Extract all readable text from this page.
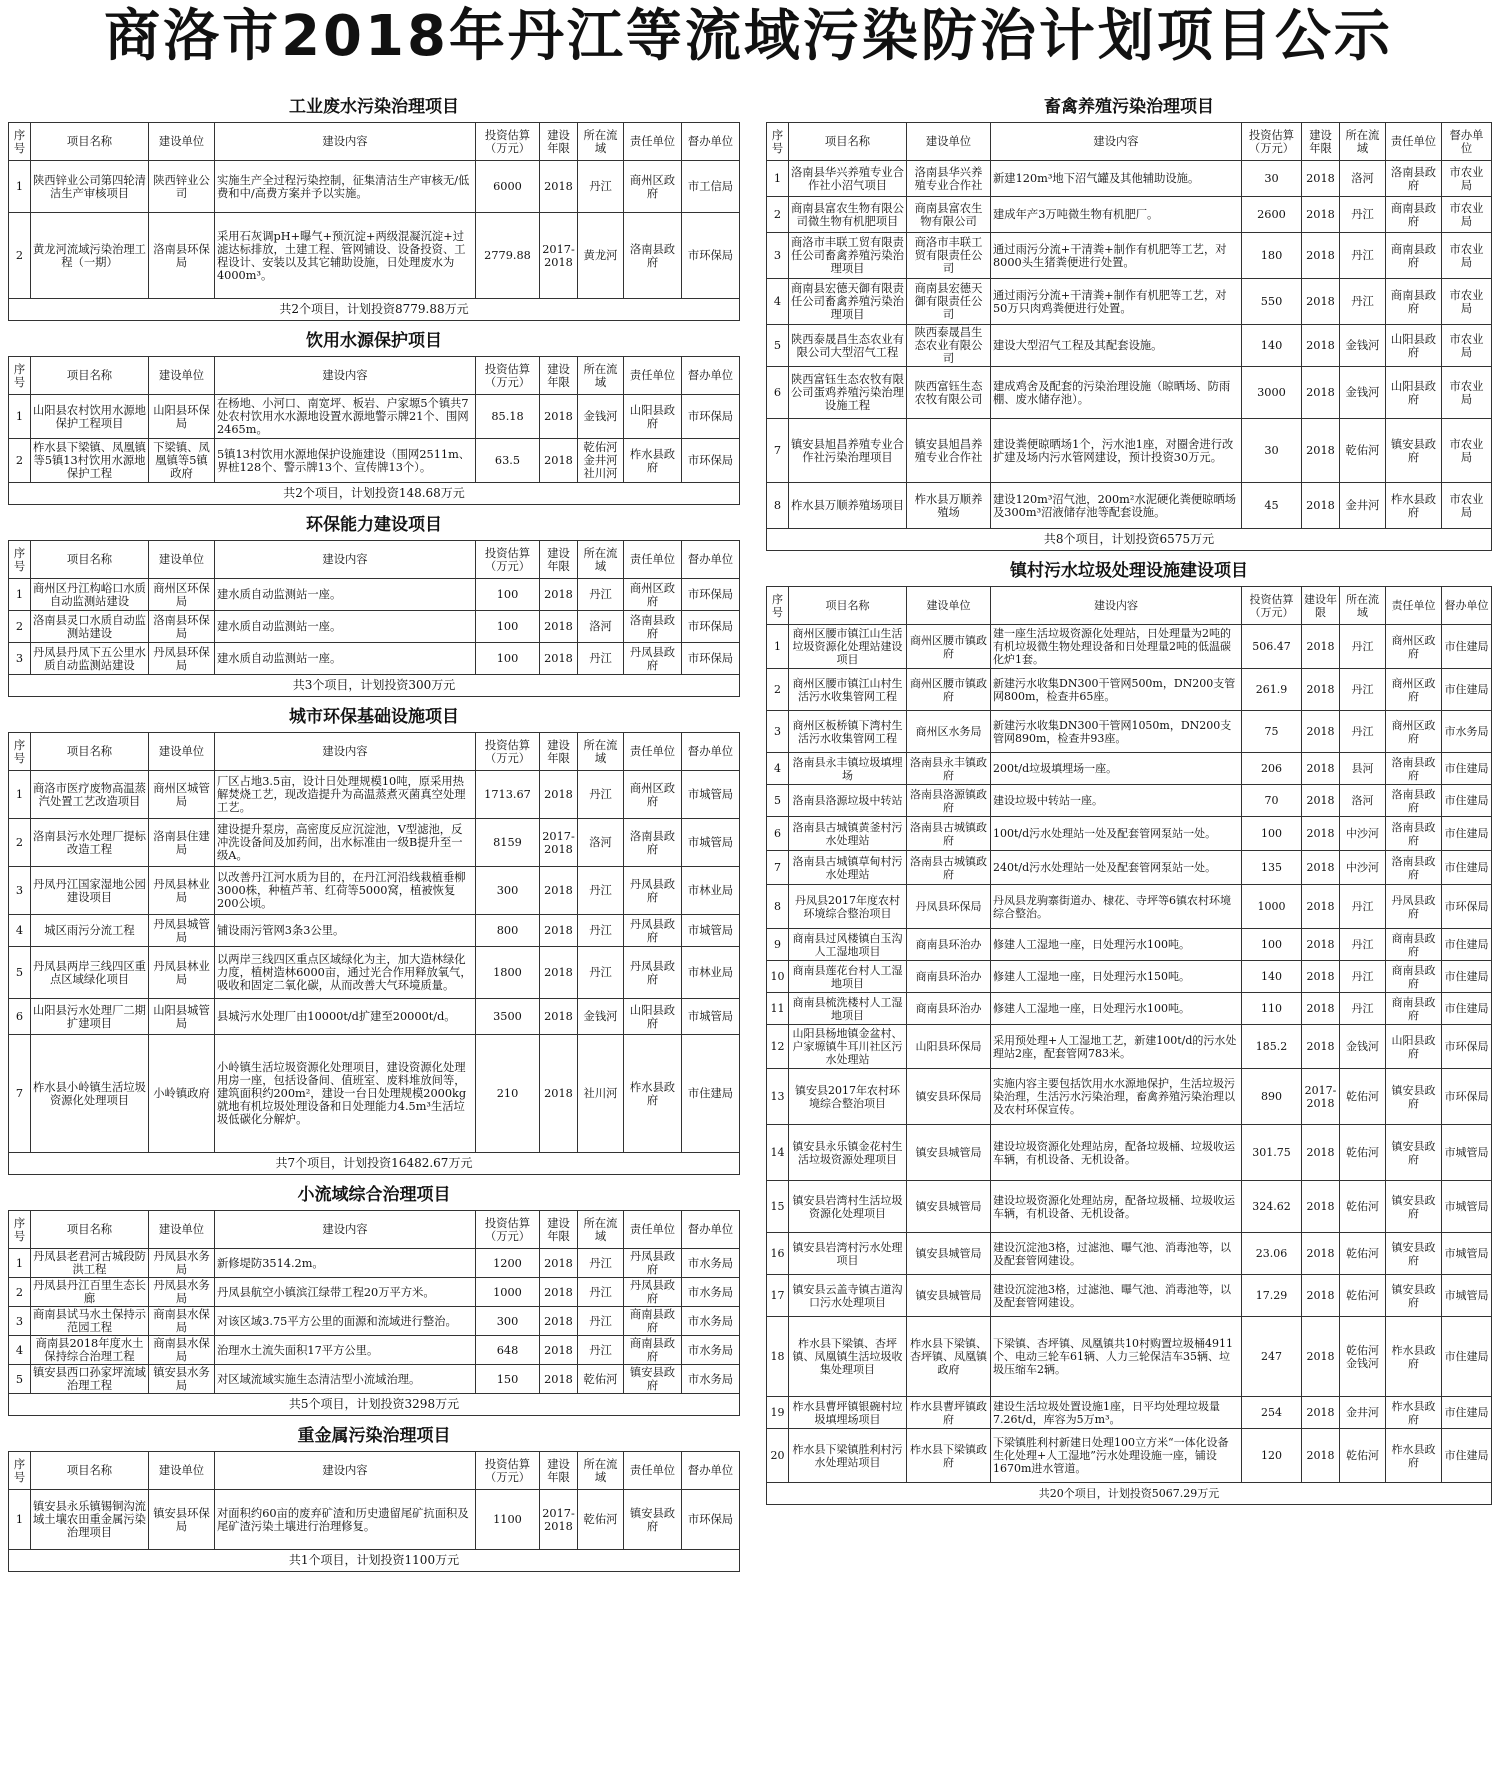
商洛市2018年丹江等流域污染防治计划项目公示
工业废水污染治理项目
序号	项目名称	建设单位	建设内容	投资估算（万元）	建设年限	所在流域	责任单位	督办单位
1	陕西锌业公司第四轮清洁生产审核项目	陕西锌业公司	实施生产全过程污染控制，征集清洁生产审核无/低费和中/高费方案并予以实施。	6000	2018	丹江	商州区政府	市工信局
2	黄龙河流域污染治理工程（一期）	洛南县环保局	采用石灰调pH+曝气+预沉淀+两级混凝沉淀+过滤达标排放，土建工程、管网铺设、设备投资、工程设计、安装以及其它辅助设施，日处理废水为4000m³。	2779.88	2017-2018	黄龙河	洛南县政府	市环保局
共2个项目，计划投资8779.88万元								
饮用水源保护项目
序号	项目名称	建设单位	建设内容	投资估算（万元）	建设年限	所在流域	责任单位	督办单位
1	山阳县农村饮用水源地保护工程项目	山阳县环保局	在杨地、小河口、南宽坪、板岩、户家塬5个镇共7处农村饮用水水源地设置水源地警示牌21个、围网2465m。	85.18	2018	金钱河	山阳县政府	市环保局
2	柞水县下梁镇、凤凰镇等5镇13村饮用水源地保护工程	下梁镇、凤凰镇等5镇政府	5镇13村饮用水源地保护设施建设（围网2511m、界桩128个、警示牌13个、宣传牌13个）。	63.5	2018	乾佑河金井河社川河	柞水县政府	市环保局
共2个项目，计划投资148.68万元								
环保能力建设项目
序号	项目名称	建设单位	建设内容	投资估算（万元）	建设年限	所在流域	责任单位	督办单位
1	商州区丹江构峪口水质自动监测站建设	商州区环保局	建水质自动监测站一座。	100	2018	丹江	商州区政府	市环保局
2	洛南县灵口水质自动监测站建设	洛南县环保局	建水质自动监测站一座。	100	2018	洛河	洛南县政府	市环保局
3	丹凤县丹凤下五公里水质自动监测站建设	丹凤县环保局	建水质自动监测站一座。	100	2018	丹江	丹凤县政府	市环保局
共3个项目，计划投资300万元								
城市环保基础设施项目
序号	项目名称	建设单位	建设内容	投资估算（万元）	建设年限	所在流域	责任单位	督办单位
1	商洛市医疗废物高温蒸汽处置工艺改造项目	商州区城管局	厂区占地3.5亩，设计日处理规模10吨，原采用热解焚烧工艺，现改造提升为高温蒸煮灭菌真空处理工艺。	1713.67	2018	丹江	商州区政府	市城管局
2	洛南县污水处理厂提标改造工程	洛南县住建局	建设提升泵房，高密度反应沉淀池，V型滤池，反冲洗设备间及加药间，出水标准由一级B提升至一级A。	8159	2017-2018	洛河	洛南县政府	市城管局
3	丹凤丹江国家湿地公园建设项目	丹凤县林业局	以改善丹江河水质为目的，在丹江河沿线栽植垂柳3000株，种植芦苇、红荷等5000窝，植被恢复200公顷。	300	2018	丹江	丹凤县政府	市林业局
4	城区雨污分流工程	丹凤县城管局	铺设雨污管网3条3公里。	800	2018	丹江	丹凤县政府	市城管局
5	丹凤县两岸三线四区重点区域绿化项目	丹凤县林业局	以两岸三线四区重点区域绿化为主，加大造林绿化力度，植树造林6000亩，通过光合作用释放氧气，吸收和固定二氧化碳，从而改善大气环境质量。	1800	2018	丹江	丹凤县政府	市林业局
6	山阳县污水处理厂二期扩建项目	山阳县城管局	县城污水处理厂由10000t/d扩建至20000t/d。	3500	2018	金钱河	山阳县政府	市城管局
7	柞水县小岭镇生活垃圾资源化处理项目	小岭镇政府	小岭镇生活垃圾资源化处理项目，建设资源化处理用房一座，包括设备间、值班室、废料堆放间等，建筑面积约200m²，建设一台日处理规模2000kg就地有机垃圾处理设备和日处理能力4.5m³生活垃圾低碳化分解炉。	210	2018	社川河	柞水县政府	市住建局
共7个项目，计划投资16482.67万元								
小流域综合治理项目
序号	项目名称	建设单位	建设内容	投资估算（万元）	建设年限	所在流域	责任单位	督办单位
1	丹凤县老君河古城段防洪工程	丹凤县水务局	新修堤防3514.2m。	1200	2018	丹江	丹凤县政府	市水务局
2	丹凤县丹江百里生态长廊	丹凤县水务局	丹凤县航空小镇滨江绿带工程20万平方米。	1000	2018	丹江	丹凤县政府	市水务局
3	商南县试马水土保持示范园工程	商南县水保局	对该区域3.75平方公里的面源和流域进行整治。	300	2018	丹江	商南县政府	市水务局
4	商南县2018年度水土保持综合治理工程	商南县水保局	治理水土流失面积17平方公里。	648	2018	丹江	商南县政府	市水务局
5	镇安县西口孙家坪流域治理工程	镇安县水务局	对区域流域实施生态清洁型小流域治理。	150	2018	乾佑河	镇安县政府	市水务局
共5个项目，计划投资3298万元								
重金属污染治理项目
序号	项目名称	建设单位	建设内容	投资估算（万元）	建设年限	所在流域	责任单位	督办单位
1	镇安县永乐镇锡铜沟流域土壤农田重金属污染治理项目	镇安县环保局	对面积约60亩的废弃矿渣和历史遗留尾矿抗面积及尾矿渣污染土壤进行治理修复。	1100	2017-2018	乾佑河	镇安县政府	市环保局
共1个项目，计划投资1100万元								
畜禽养殖污染治理项目
序号	项目名称	建设单位	建设内容	投资估算（万元）	建设年限	所在流域	责任单位	督办单位
1	洛南县华兴养殖专业合作社小沼气项目	洛南县华兴养殖专业合作社	新建120m³地下沼气罐及其他辅助设施。	30	2018	洛河	洛南县政府	市农业局
2	商南县富农生物有限公司微生物有机肥项目	商南县富农生物有限公司	建成年产3万吨微生物有机肥厂。	2600	2018	丹江	商南县政府	市农业局
3	商洛市丰联工贸有限责任公司畜禽养殖污染治理项目	商洛市丰联工贸有限责任公司	通过雨污分流+干清粪+制作有机肥等工艺，对8000头生猪粪便进行处置。	180	2018	丹江	商南县政府	市农业局
4	商南县宏德天御有限责任公司畜禽养殖污染治理项目	商南县宏德天御有限责任公司	通过雨污分流+干清粪+制作有机肥等工艺，对50万只肉鸡粪便进行处置。	550	2018	丹江	商南县政府	市农业局
5	陕西泰晟昌生态农业有限公司大型沼气工程	陕西泰晟昌生态农业有限公司	建设大型沼气工程及其配套设施。	140	2018	金钱河	山阳县政府	市农业局
6	陕西富钰生态农牧有限公司蛋鸡养殖污染治理设施工程	陕西富钰生态农牧有限公司	建成鸡舍及配套的污染治理设施（晾晒场、防雨棚、废水储存池）。	3000	2018	金钱河	山阳县政府	市农业局
7	镇安县旭昌养殖专业合作社污染治理项目	镇安县旭昌养殖专业合作社	建设粪便晾晒场1个，污水池1座，对圈舍进行改扩建及场内污水管网建设，预计投资30万元。	30	2018	乾佑河	镇安县政府	市农业局
8	柞水县万顺养殖场项目	柞水县万顺养殖场	建设120m³沼气池，200m²水泥硬化粪便晾晒场及300m³沼液储存池等配套设施。	45	2018	金井河	柞水县政府	市农业局
共8个项目，计划投资6575万元								
镇村污水垃圾处理设施建设项目
序号	项目名称	建设单位	建设内容	投资估算（万元）	建设年限	所在流域	责任单位	督办单位
1	商州区腰市镇江山生活垃圾资源化处理站建设项目	商州区腰市镇政府	建一座生活垃圾资源化处理站，日处理量为2吨的有机垃圾微生物处理设备和日处理量2吨的低温碳化炉1套。	506.47	2018	丹江	商州区政府	市住建局
2	商州区腰市镇江山村生活污水收集管网工程	商州区腰市镇政府	新建污水收集DN300干管网500m，DN200支管网800m，检查井65座。	261.9	2018	丹江	商州区政府	市住建局
3	商州区板桥镇下湾村生活污水收集管网工程	商州区水务局	新建污水收集DN300干管网1050m，DN200支管网890m，检查井93座。	75	2018	丹江	商州区政府	市水务局
4	洛南县永丰镇垃圾填埋场	洛南县永丰镇政府	200t/d垃圾填埋场一座。	206	2018	县河	洛南县政府	市住建局
5	洛南县洛源垃圾中转站	洛南县洛源镇政府	建设垃圾中转站一座。	70	2018	洛河	洛南县政府	市住建局
6	洛南县古城镇黄釜村污水处理站	洛南县古城镇政府	100t/d污水处理站一处及配套管网泵站一处。	100	2018	中沙河	洛南县政府	市住建局
7	洛南县古城镇草甸村污水处理站	洛南县古城镇政府	240t/d污水处理站一处及配套管网泵站一处。	135	2018	中沙河	洛南县政府	市住建局
8	丹凤县2017年度农村环境综合整治项目	丹凤县环保局	丹凤县龙驹寨街道办、棣花、寺坪等6镇农村环境综合整治。	1000	2018	丹江	丹凤县政府	市环保局
9	商南县过风楼镇白玉沟人工湿地项目	商南县环治办	修建人工湿地一座，日处理污水100吨。	100	2018	丹江	商南县政府	市住建局
10	商南县莲花台村人工湿地项目	商南县环治办	修建人工湿地一座，日处理污水150吨。	140	2018	丹江	商南县政府	市住建局
11	商南县梳洗楼村人工湿地项目	商南县环治办	修建人工湿地一座，日处理污水100吨。	110	2018	丹江	商南县政府	市住建局
12	山阳县杨地镇金盆村、户家塬镇牛耳川社区污水处理站	山阳县环保局	采用预处理+人工湿地工艺，新建100t/d的污水处理站2座，配套管网783米。	185.2	2018	金钱河	山阳县政府	市环保局
13	镇安县2017年农村环境综合整治项目	镇安县环保局	实施内容主要包括饮用水水源地保护，生活垃圾污染治理，生活污水污染治理，畜禽养殖污染治理以及农村环保宣传。	890	2017-2018	乾佑河	镇安县政府	市环保局
14	镇安县永乐镇金花村生活垃圾资源处理项目	镇安县城管局	建设垃圾资源化处理站房，配备垃圾桶、垃圾收运车辆，有机设备、无机设备。	301.75	2018	乾佑河	镇安县政府	市城管局
15	镇安县岩湾村生活垃圾资源化处理项目	镇安县城管局	建设垃圾资源化处理站房，配备垃圾桶、垃圾收运车辆，有机设备、无机设备。	324.62	2018	乾佑河	镇安县政府	市城管局
16	镇安县岩湾村污水处理项目	镇安县城管局	建设沉淀池3格，过滤池、曝气池、消毒池等，以及配套管网建设。	23.06	2018	乾佑河	镇安县政府	市城管局
17	镇安县云盖寺镇古道沟口污水处理项目	镇安县城管局	建设沉淀池3格，过滤池、曝气池、消毒池等，以及配套管网建设。	17.29	2018	乾佑河	镇安县政府	市城管局
18	柞水县下梁镇、杏坪镇、凤凰镇生活垃圾收集处理项目	柞水县下梁镇、杏坪镇、凤凰镇政府	下梁镇、杏坪镇、凤凰镇共10村购置垃圾桶4911个、电动三轮车61辆、人力三轮保洁车35辆、垃圾压缩车2辆。	247	2018	乾佑河金钱河	柞水县政府	市住建局
19	柞水县曹坪镇银碗村垃圾填埋场项目	柞水县曹坪镇政府	建设生活垃圾处置设施1座，日平均处理垃圾量7.26t/d，库容为5万m³。	254	2018	金井河	柞水县政府	市住建局
20	柞水县下梁镇胜利村污水处理站项目	柞水县下梁镇政府	下梁镇胜利村新建日处理100立方米“一体化设备生化处理+人工湿地”污水处理设施一座，铺设1670m进水管道。	120	2018	乾佑河	柞水县政府	市住建局
共20个项目，计划投资5067.29万元								
